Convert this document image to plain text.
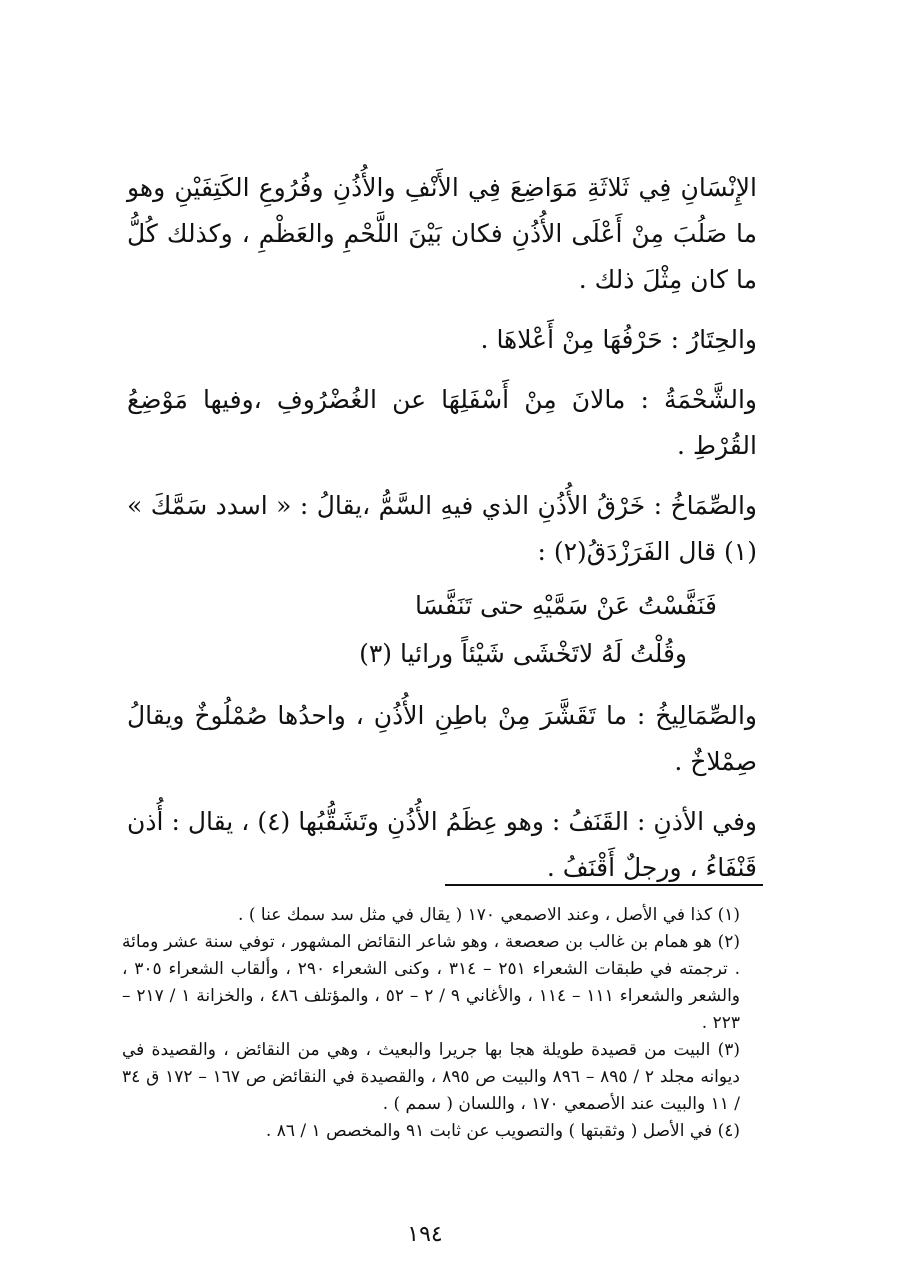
الإِنْسَانِ فِي ثَلاثَةِ مَوَاضِعَ فِي الأَنْفِ والأُذُنِ وفُرُوعِ الكَتِفَيْنِ وهو ما صَلُبَ مِنْ أَعْلَى الأُذُنِ فكان بَيْنَ اللَّحْمِ والعَظْمِ ، وكذلك كُلُّ ما كان مِثْلَ ذلك .

والحِتَارُ : حَرْفُهَا مِنْ أَعْلاهَا .

والشَّحْمَةُ : مالانَ مِنْ أَسْفَلِهَا عن الغُضْرُوفِ ،وفيها مَوْضِعُ القُرْطِ .

والصِّمَاخُ : خَرْقُ الأُذُنِ الذي فيهِ السَّمُّ ،يقالُ : « اسدد سَمَّكَ » (١) قال الفَرَزْدَقُ(٢) :

فَنَفَّسْتُ عَنْ سَمَّيْهِ حتى تَنَفَّسَا

وقُلْتُ لَهُ لاتَخْشَى شَيْئاً ورائيا (٣)

والصِّمَالِيخُ : ما تَقَشَّرَ مِنْ باطِنِ الأُذُنِ ، واحدُها صُمْلُوخٌ ويقالُ صِمْلاخٌ .

وفي الأذنِ : القَنَفُ : وهو عِظَمُ الأُذُنِ وتَشَقُّبُها (٤) ، يقال : أُذن قَنْفَاءُ ، ورجلٌ أَقْنَفُ .

(١) كذا في الأصل ، وعند الاصمعي ١٧٠ ( يقال في مثل سد سمك عنا ) .

(٢) هو همام بن غالب بن صعصعة ، وهو شاعر النقائض المشهور ، توفي سنة عشر ومائة . ترجمته في طبقات الشعراء ٢٥١ – ٣١٤ ، وكنى الشعراء ٢٩٠ ، وألقاب الشعراء ٣٠٥ ، والشعر والشعراء ١١١ – ١١٤ ، والأغاني ٩ / ٢ – ٥٢ ، والمؤتلف ٤٨٦ ، والخزانة ١ / ٢١٧ – ٢٢٣ .

(٣) البيت من قصيدة طويلة هجا بها جريرا والبعيث ، وهي من النقائض ، والقصيدة في ديوانه مجلد ٢ / ٨٩٥ – ٨٩٦ والبيت ص ٨٩٥ ، والقصيدة في النقائض ص ١٦٧ – ١٧٢ ق ٣٤ / ١١ والبيت عند الأصمعي ١٧٠ ، واللسان ( سمم ) .

(٤) في الأصل ( وثقبتها ) والتصويب عن ثابت ٩١ والمخصص ١ / ٨٦ .

١٩٤
